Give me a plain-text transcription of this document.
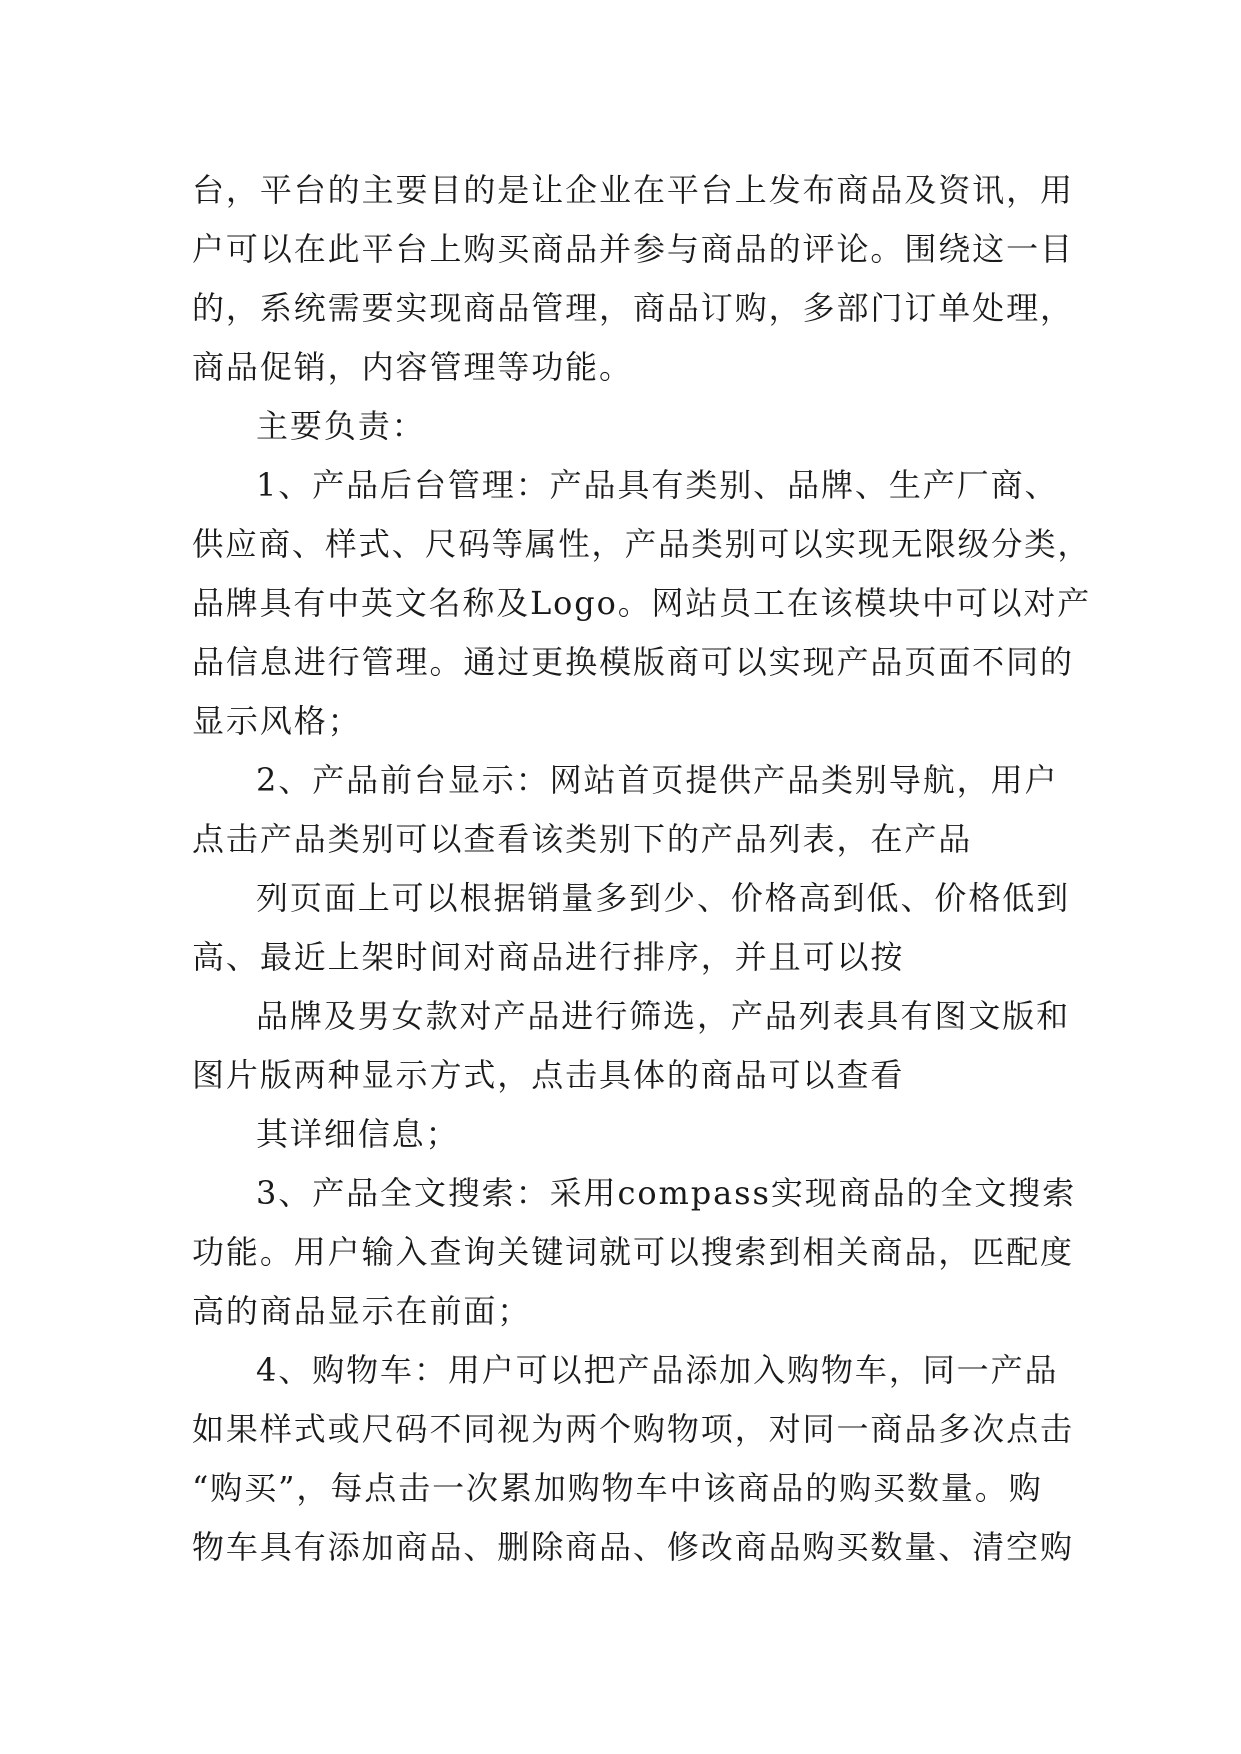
台，平台的主要目的是让企业在平台上发布商品及资讯，用
户可以在此平台上购买商品并参与商品的评论。围绕这一目
的，系统需要实现商品管理，商品订购，多部门订单处理，
商品促销，内容管理等功能。
主要负责：
1、产品后台管理：产品具有类别、品牌、生产厂商、
供应商、样式、尺码等属性，产品类别可以实现无限级分类，
品牌具有中英文名称及Logo。网站员工在该模块中可以对产
品信息进行管理。通过更换模版商可以实现产品页面不同的
显示风格；
2、产品前台显示：网站首页提供产品类别导航，用户
点击产品类别可以查看该类别下的产品列表，在产品
列页面上可以根据销量多到少、价格高到低、价格低到
高、最近上架时间对商品进行排序，并且可以按
品牌及男女款对产品进行筛选，产品列表具有图文版和
图片版两种显示方式，点击具体的商品可以查看
其详细信息；
3、产品全文搜索：采用compass实现商品的全文搜索
功能。用户输入查询关键词就可以搜索到相关商品，匹配度
高的商品显示在前面；
4、购物车：用户可以把产品添加入购物车，同一产品
如果样式或尺码不同视为两个购物项，对同一商品多次点击
“购买”，每点击一次累加购物车中该商品的购买数量。购
物车具有添加商品、删除商品、修改商品购买数量、清空购
